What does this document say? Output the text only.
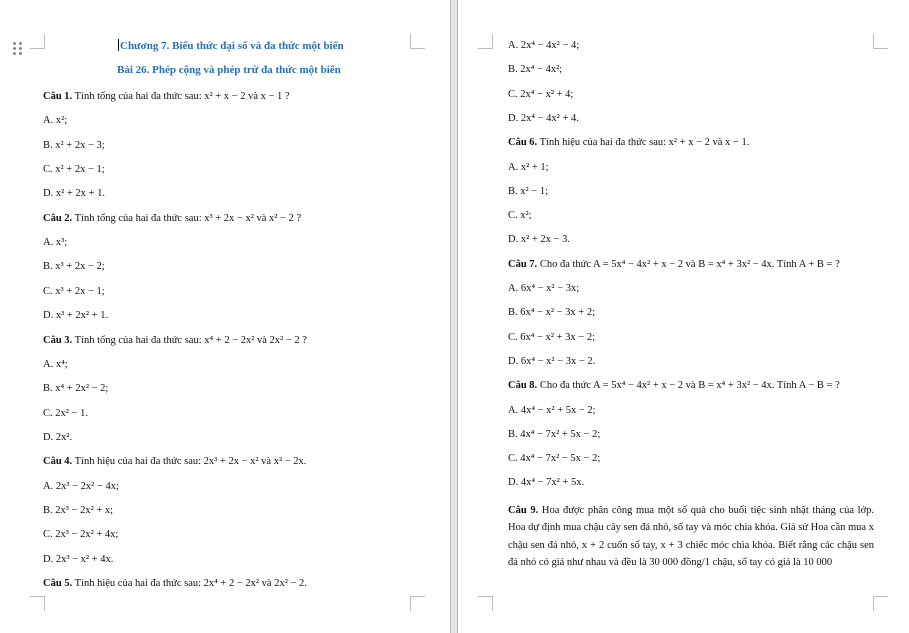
Chương 7. Biểu thức đại số và đa thức một biến
Bài 26. Phép cộng và phép trừ đa thức một biến
Câu 1. Tính tổng của hai đa thức sau: x² + x − 2 và x − 1 ?
A. x²;
B. x² + 2x − 3;
C. x² + 2x − 1;
D. x² + 2x + 1.
Câu 2. Tính tổng của hai đa thức sau: x³ + 2x − x² và x² − 2 ?
A. x³;
B. x³ + 2x − 2;
C. x³ + 2x − 1;
D. x³ + 2x² + 1.
Câu 3. Tính tổng của hai đa thức sau: x⁴ + 2 − 2x² và 2x² − 2 ?
A. x⁴;
B. x⁴ + 2x² − 2;
C. 2x² − 1.
D. 2x².
Câu 4. Tính hiệu của hai đa thức sau: 2x³ + 2x − x² và x² − 2x.
A. 2x³ − 2x² − 4x;
B. 2x³ − 2x² + x;
C. 2x³ − 2x² + 4x;
D. 2x³ − x² + 4x.
Câu 5. Tính hiệu của hai đa thức sau: 2x⁴ + 2 − 2x² và 2x² − 2.
A. 2x⁴ − 4x² − 4;
B. 2x⁴ − 4x²;
C. 2x⁴ − x² + 4;
D. 2x⁴ − 4x² + 4.
Câu 6. Tính hiệu của hai đa thức sau: x² + x − 2 và x − 1.
A. x² + 1;
B. x² − 1;
C. x²;
D. x² + 2x − 3.
Câu 7. Cho đa thức A = 5x⁴ − 4x² + x − 2 và B = x⁴ + 3x² − 4x. Tính A + B = ?
A. 6x⁴ − x² − 3x;
B. 6x⁴ − x² − 3x + 2;
C. 6x⁴ − x² + 3x − 2;
D. 6x⁴ − x² − 3x − 2.
Câu 8. Cho đa thức A = 5x⁴ − 4x² + x − 2 và B = x⁴ + 3x² − 4x. Tính A − B = ?
A. 4x⁴ − x² + 5x − 2;
B. 4x⁴ − 7x² + 5x − 2;
C. 4x⁴ − 7x² − 5x − 2;
D. 4x⁴ − 7x² + 5x.
Câu 9. Hoa được phân công mua một số quà cho buổi tiệc sinh nhật tháng của lớp. Hoa dự định mua chậu cây sen đá nhỏ, sổ tay và móc chìa khóa. Giả sử Hoa cần mua x chậu sen đá nhỏ, x + 2 cuốn sổ tay, x + 3 chiếc móc chìa khóa. Biết rằng các chậu sen đá nhỏ có giá như nhau và đều là 30 000 đồng/1 chậu, sổ tay có giá là 10 000
